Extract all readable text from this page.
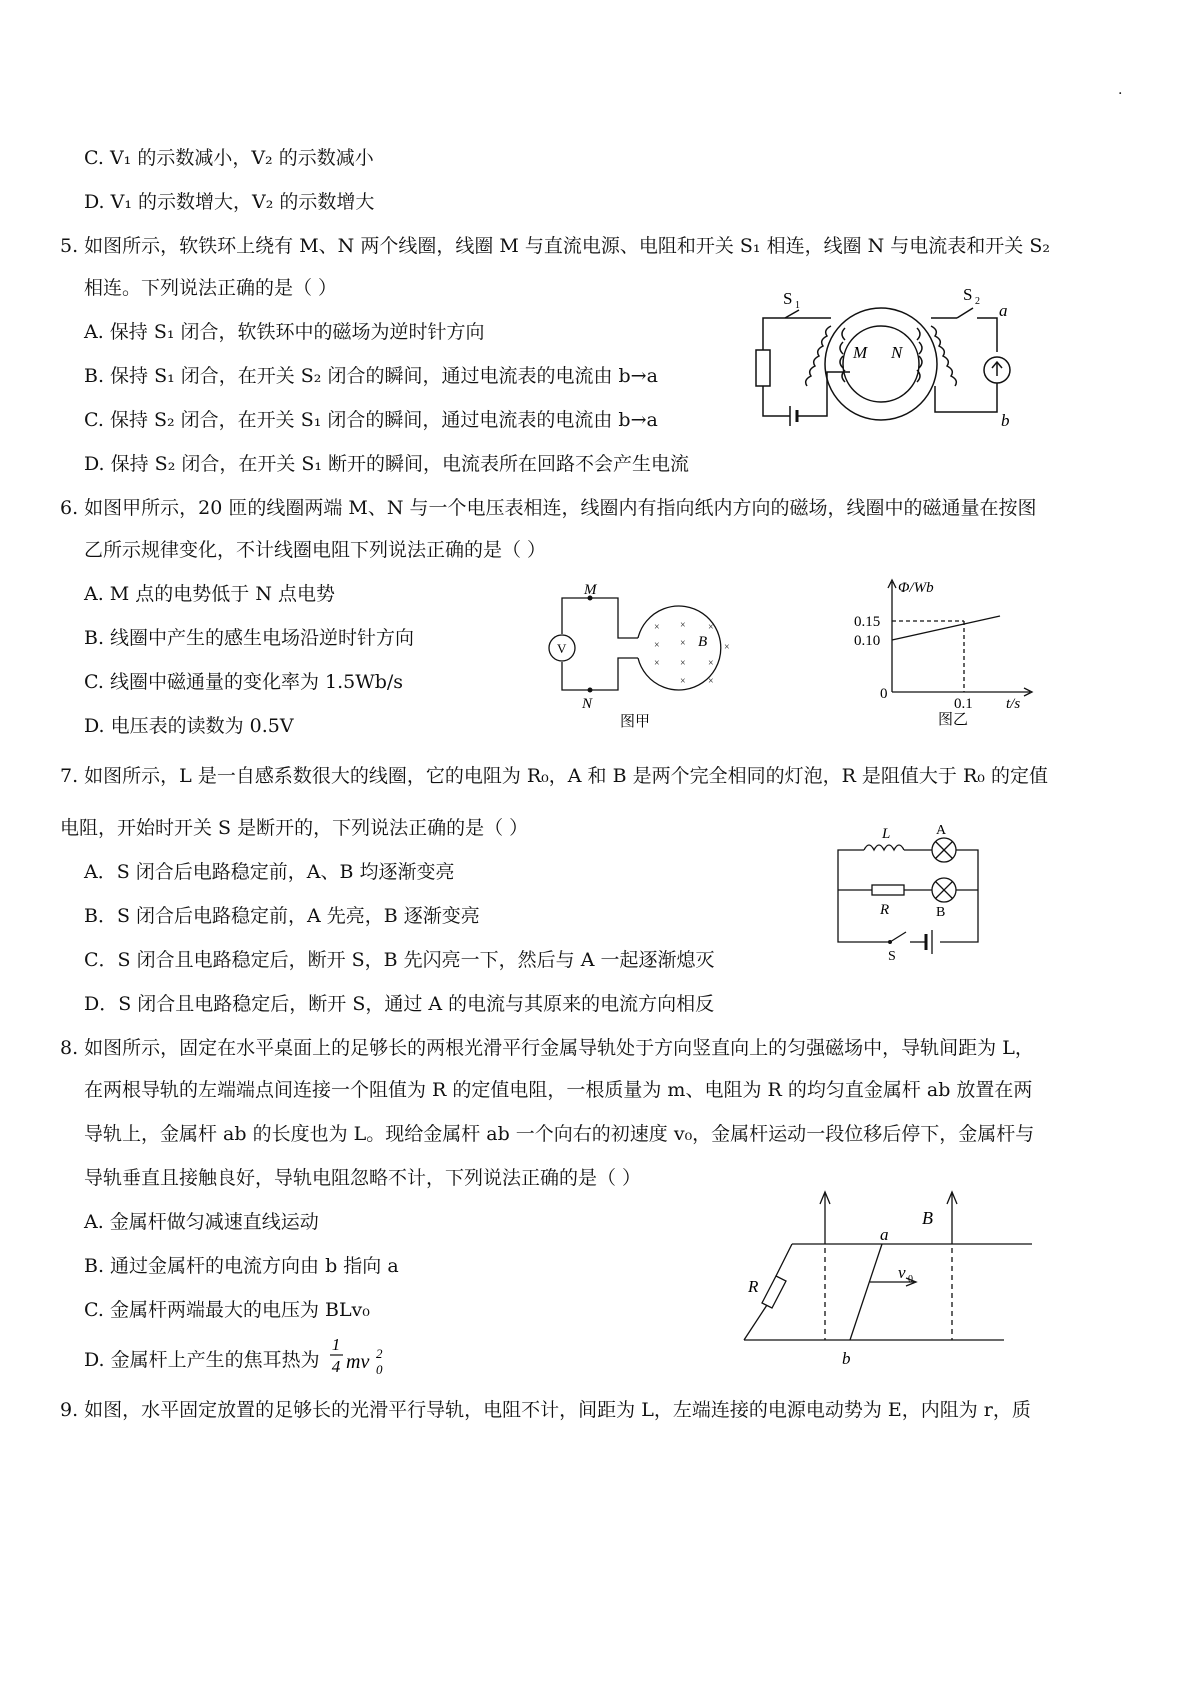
.
C. V₁ 的示数减小，V₂ 的示数减小
D. V₁ 的示数增大，V₂ 的示数增大
5. 如图所示，软铁环上绕有 M、N 两个线圈，线圈 M 与直流电源、电阻和开关 S₁ 相连，线圈 N 与电流表和开关 S₂
相连。下列说法正确的是（ ）
A. 保持 S₁ 闭合，软铁环中的磁场为逆时针方向
B. 保持 S₁ 闭合，在开关 S₂ 闭合的瞬间，通过电流表的电流由 b→a
C. 保持 S₂ 闭合，在开关 S₁ 闭合的瞬间，通过电流表的电流由 b→a
D. 保持 S₂ 闭合，在开关 S₁ 断开的瞬间，电流表所在回路不会产生电流
6. 如图甲所示，20 匝的线圈两端 M、N 与一个电压表相连，线圈内有指向纸内方向的磁场，线圈中的磁通量在按图
乙所示规律变化，不计线圈电阻下列说法正确的是（ ）
A. M 点的电势低于 N 点电势
B. 线圈中产生的感生电场沿逆时针方向
C. 线圈中磁通量的变化率为 1.5Wb/s
D. 电压表的读数为 0.5V
7. 如图所示，L 是一自感系数很大的线圈，它的电阻为 R₀，A 和 B 是两个完全相同的灯泡，R 是阻值大于 R₀ 的定值
电阻，开始时开关 S 是断开的，下列说法正确的是（ ）
A．S 闭合后电路稳定前，A、B 均逐渐变亮
B．S 闭合后电路稳定前，A 先亮，B 逐渐变亮
C．S 闭合且电路稳定后，断开 S，B 先闪亮一下，然后与 A 一起逐渐熄灭
D．S 闭合且电路稳定后，断开 S，通过 A 的电流与其原来的电流方向相反
8. 如图所示，固定在水平桌面上的足够长的两根光滑平行金属导轨处于方向竖直向上的匀强磁场中，导轨间距为 L，
在两根导轨的左端端点间连接一个阻值为 R 的定值电阻，一根质量为 m、电阻为 R 的均匀直金属杆 ab 放置在两
导轨上，金属杆 ab 的长度也为 L。现给金属杆 ab 一个向右的初速度 v₀，金属杆运动一段位移后停下，金属杆与
导轨垂直且接触良好，导轨电阻忽略不计，下列说法正确的是（ ）
A. 金属杆做匀减速直线运动
B. 通过金属杆的电流方向由 b 指向 a
C. 金属杆两端最大的电压为 BLv₀
D. 金属杆上产生的焦耳热为
1
4 mv 2
0
9. 如图，水平固定放置的足够长的光滑平行导轨，电阻不计，间距为 L，左端连接的电源电动势为 E，内阻为 r，质
S 1
S 2 a
b
M N
M
N
V
× × ×
× ×	×
× × ×
× ×
B
图甲
Φ/Wb
0.15
0.10
0
0.1 t/s
图乙
L	A
R	B
S
B
a
b
R
v 0
